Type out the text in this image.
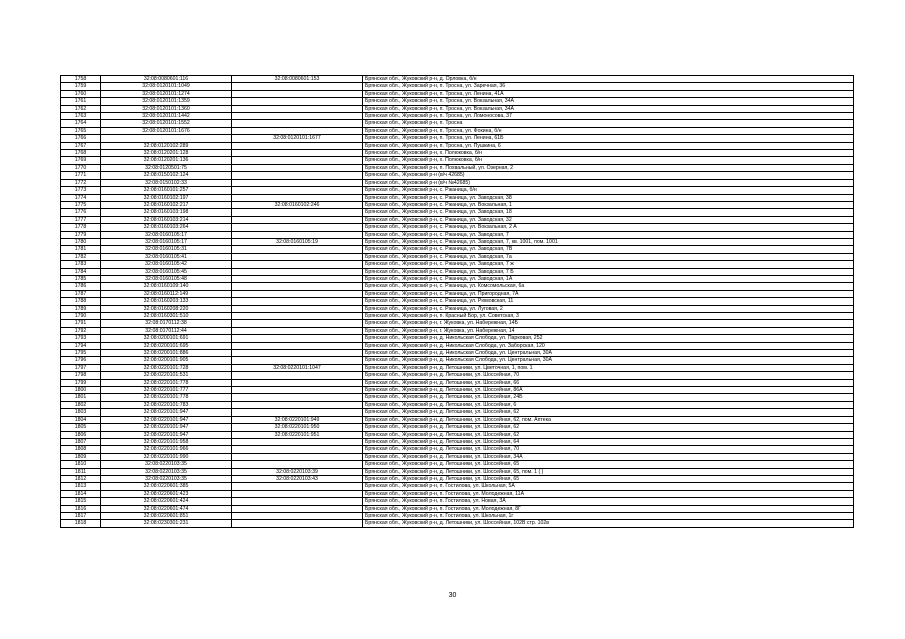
1758	32:08:0080601:116	32:08:0080601:153	Брянская обл., Жуковский р-н, д. Орловка, б/н
1759	32:08:0120101:1049		Брянская обл., Жуковский р-н, п. Тросна, ул. Заречная, 36
1760	32:08:0120101:1274		Брянская обл., Жуковский р-н, п. Тросна, ул. Ленина, 41А
1761	32:08:0120101:1359		Брянская обл., Жуковский р-н, п. Тросна, ул. Вокзальная, 34А
1762	32:08:0120101:1360		Брянская обл., Жуковский р-н, п. Тросна, ул. Вокзальная, 34А
1763	32:08:0120101:1442		Брянская обл., Жуковский р-н, п. Тросна, ул. Ломоносова, 37
1764	32:08:0120101:1552		Брянская обл., Жуковский р-н, п. Тросна
1765	32:08:0120101:1676		Брянская обл., Жуковский р-н, п. Тросна, ул. Фокина, б/н
1766		32:08:0120101:1677	Брянская обл., Жуковский р-н, п. Тросна, ул. Ленина, 61Б
1767	32:08:0120102:289		Брянская обл., Жуковский р-н, п. Тросна, ул. Пушкина, 6
1768	32:08:0120201:128		Брянская обл., Жуковский р-н, х. Полюковка, б/н
1769	32:08:0120201:136		Брянская обл., Жуковский р-н, х. Полюковка, б/н
1770	32:08:0120501:75		Брянская обл., Жуковский р-н, п. Похвальный, ул. Озерная, 2
1771	32:08:0150102:124		Брянская обл., Жуковский р-н (в/ч 42685)
1772	32:08:0150102:33		Брянская обл., Жуковский р-н (в/ч №42685)
1773	32:08:0160101:257		Брянская обл., Жуковский р-н, с. Ржаница, б/н
1774	32:08:0160102:197		Брянская обл., Жуковский р-н, с. Ржаница, ул. Заводская, 38
1775	32:08:0160102:217	32:08:0160102:246	Брянская обл., Жуковский р-н, с. Ржаница, ул. Вокзальная, 1
1776	32:08:0160103:198		Брянская обл., Жуковский р-н, с. Ржаница, ул. Заводская, 18
1777	32:08:0160103:214		Брянская обл., Жуковский р-н, с. Ржаница, ул. Заводская, 32
1778	32:08:0160103:264		Брянская обл., Жуковский р-н, с. Ржаница, ул. Вокзальная, 2 А
1779	32:08:0160105:17		Брянская обл., Жуковский р-н, с. Ржаница, ул. Заводская, 7
1780	32:08:0160105:17	32:08:0160105:19	Брянская обл., Жуковский р-н, с. Ржаница, ул. Заводская, 7, кв. 1001, пом. 1001
1781	32:08:0160105:31		Брянская обл., Жуковский р-н, с. Ржаница, ул. Заводская, 7В
1782	32:08:0160105:41		Брянская обл., Жуковский р-н, с. Ржаница, ул. Заводская, 7а
1783	32:08:0160105:42		Брянская обл., Жуковский р-н, с. Ржаница, ул. Заводская, 7 ж
1784	32:08:0160105:45		Брянская обл., Жуковский р-н, с. Ржаница, ул. Заводская, 7 Б
1785	32:08:0160105:48		Брянская обл., Жуковский р-н, с. Ржаница, ул. Заводская, 1А
1786	32:08:0160109:140		Брянская обл., Жуковский р-н, с. Ржаница, ул. Комсомольская, 6а
1787	32:08:0160112:149		Брянская обл., Жуковский р-н, с. Ржаница, ул. Пригородная, 7А
1788	32:08:0160203:133		Брянская обл., Жуковский р-н, с. Ржаница, ул. Рюмовская, 11
1789	32:08:0160208:220		Брянская обл., Жуковский р-н, с. Ржаница, ул. Луговая, 2
1790	32:08:0160301:510		Брянская обл., Жуковский р-н, п. Красный Бор, ул. Советская, 3
1791	32:08:0170112:38		Брянская обл., Жуковский р-н, г. Жуковка, ул. Набережная, 14Б
1792	32:08:0170112:44		Брянская обл., Жуковский р-н, г. Жуковка, ул. Набережная, 14
1793	32:08:0200101:691		Брянская обл., Жуковский р-н, д. Никольская Слобода, ул. Парковая, 252
1794	32:08:0200101:695		Брянская обл., Жуковский р-н, д. Никольская Слобода, ул. Заборская, 120
1795	32:08:0200101:886		Брянская обл., Жуковский р-н, д. Никольская Слобода, ул. Центральная, 30А
1796	32:08:0200101:905		Брянская обл., Жуковский р-н, д. Никольская Слобода, ул. Центральная, 30А
1797	32:08:0220101:728	32:08:0220101:1047	Брянская обл., Жуковский р-н, д. Летошники, ул. Цветочная, 1, пом. 1
1798	32:08:0220101:531		Брянская обл., Жуковский р-н, д. Летошники, ул. Шоссейная, 70
1799	32:08:0220101:778		Брянская обл., Жуковский р-н, д. Летошники, ул. Шоссейная, 66
1800	32:08:0220101:777		Брянская обл., Жуковский р-н, д. Летошники, ул. Шоссейная, 86А
1801	32:08:0220101:778		Брянская обл., Жуковский р-н, д. Летошники, ул. Шоссейная, 24Б
1802	32:08:0220101:783		Брянская обл., Жуковский р-н, д. Летошники, ул. Шоссейная, 6
1803	32:08:0220101:947		Брянская обл., Жуковский р-н, д. Летошники, ул. Шоссейная, 62
1804	32:08:0220101:947	32:08:0220101:949	Брянская обл., Жуковский р-н, д. Летошники, ул. Шоссейная, 62, пом. Аптека
1805	32:08:0220101:947	32:08:0220101:950	Брянская обл., Жуковский р-н, д. Летошники, ул. Шоссейная, 62
1806	32:08:0220101:947	32:08:0220101:951	Брянская обл., Жуковский р-н, д. Летошники, ул. Шоссейная, 62
1807	32:08:0220101:958		Брянская обл., Жуковский р-н, д. Летошники, ул. Шоссейная, 64
1808	32:08:0220101:966		Брянская обл., Жуковский р-н, д. Летошники, ул. Шоссейная, 70
1809	32:08:0220101:990		Брянская обл., Жуковский р-н, д. Летошники, ул. Шоссейная, 34А
1810	32:08:0220103:35		Брянская обл., Жуковский р-н, д. Летошники, ул. Шоссейная, 65
1811	32:08:0220103:35	32:08:0220103:39	Брянская обл., Жуковский р-н, д. Летошники, ул. Шоссейная, 65, пом. 1 ( )
1812	32:08:0220103:35	32:08:0220103:43	Брянская обл., Жуковский р-н, д. Летошники, ул. Шоссейная, 65
1813	32:08:0220601:385		Брянская обл., Жуковский р-н, п. Гостилова, ул. Школьная, 5А
1814	32:08:0220601:423		Брянская обл., Жуковский р-н, п. Гостилова, ул. Молодежная, 11А
1815	32:08:0220601:424		Брянская обл., Жуковский р-н, п. Гостилова, ул. Новая, 3А
1816	32:08:0220601:474		Брянская обл., Жуковский р-н, п. Гостилова, ул. Молодежная, 8Г
1817	32:08:0220601:851		Брянская обл., Жуковский р-н, п. Гостилова, ул. Школьная, 1г
1818	32:08:0230301:231		Брянская обл., Жуковский р-н, д. Летошники, ул. Шоссейная, 102В стр. 102в
30
